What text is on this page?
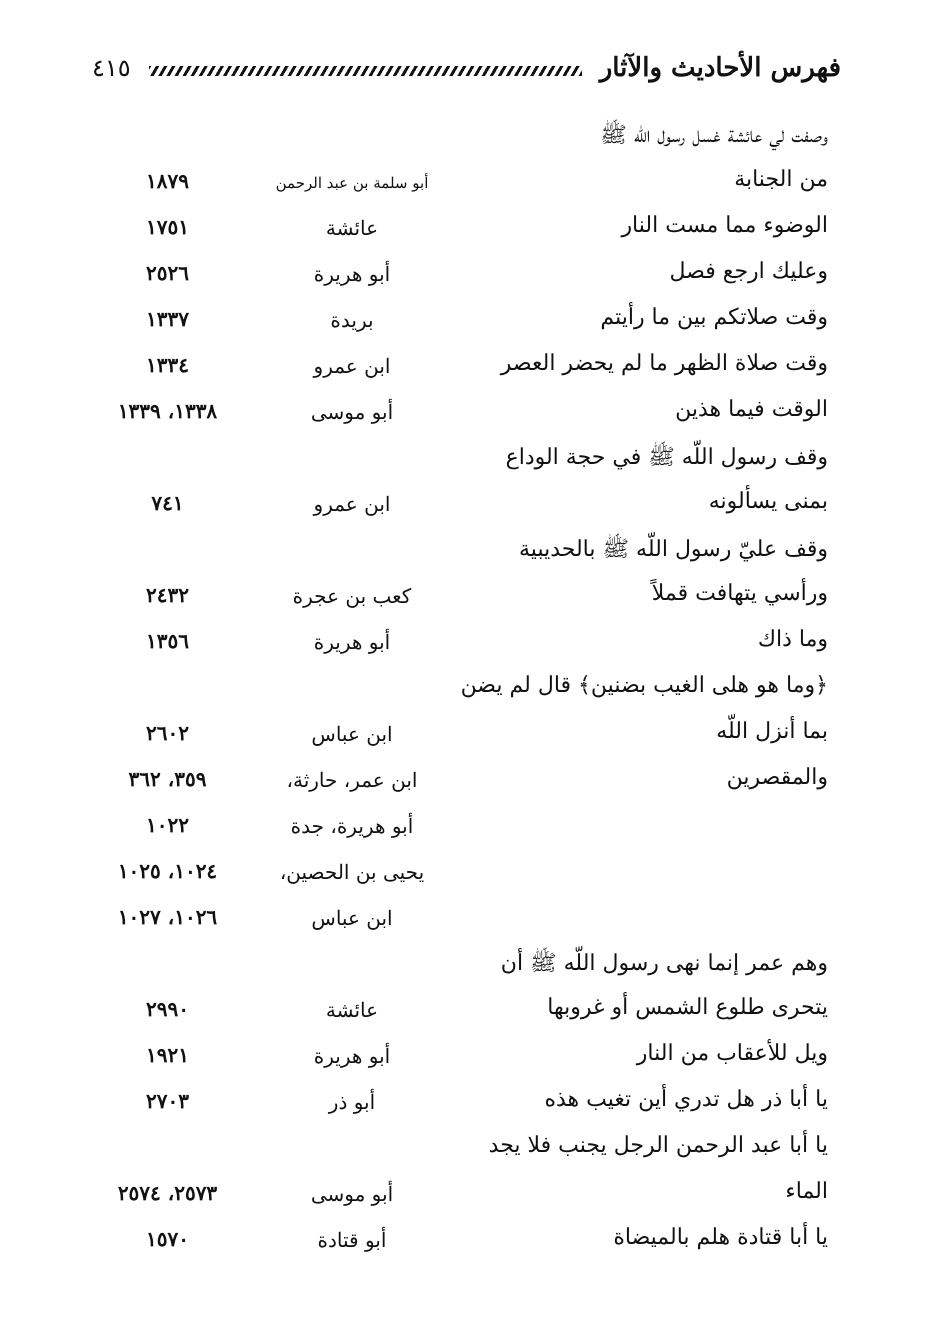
فهرس الأحاديث والآثار
٤١٥
وصفت لي عائشة غسل رسول اللّه ﷺ
من الجنابة
أبو سلمة بن عبد الرحمن
١٨٧٩
الوضوء مما مست النار
عائشة
١٧٥١
وعليك ارجع فصل
أبو هريرة
٢٥٢٦
وقت صلاتكم بين ما رأيتم
بريدة
١٣٣٧
وقت صلاة الظهر ما لم يحضر العصر
ابن عمرو
١٣٣٤
الوقت فيما هذين
أبو موسى
١٣٣٨، ١٣٣٩
وقف رسول اللّه ﷺ في حجة الوداع
بمنى يسألونه
ابن عمرو
٧٤١
وقف عليّ رسول اللّه ﷺ بالحديبية
ورأسي يتهافت قملاً
كعب بن عجرة
٢٤٣٢
وما ذاك
أبو هريرة
١٣٥٦
﴿وما هو هلى الغيب بضنين﴾ قال لم يضن
بما أنزل اللّه
ابن عباس
٢٦٠٢
والمقصرين
ابن عمر، حارثة،
٣٥٩، ٣٦٢
أبو هريرة، جدة
١٠٢٢
يحيى بن الحصين،
١٠٢٤، ١٠٢٥
ابن عباس
١٠٢٦، ١٠٢٧
وهم عمر إنما نهى رسول اللّه ﷺ أن
يتحرى طلوع الشمس أو غروبها
عائشة
٢٩٩٠
ويل للأعقاب من النار
أبو هريرة
١٩٢١
يا أبا ذر هل تدري أين تغيب هذه
أبو ذر
٢٧٠٣
يا أبا عبد الرحمن الرجل يجنب فلا يجد
الماء
أبو موسى
٢٥٧٣، ٢٥٧٤
يا أبا قتادة هلم بالميضاة
أبو قتادة
١٥٧٠
